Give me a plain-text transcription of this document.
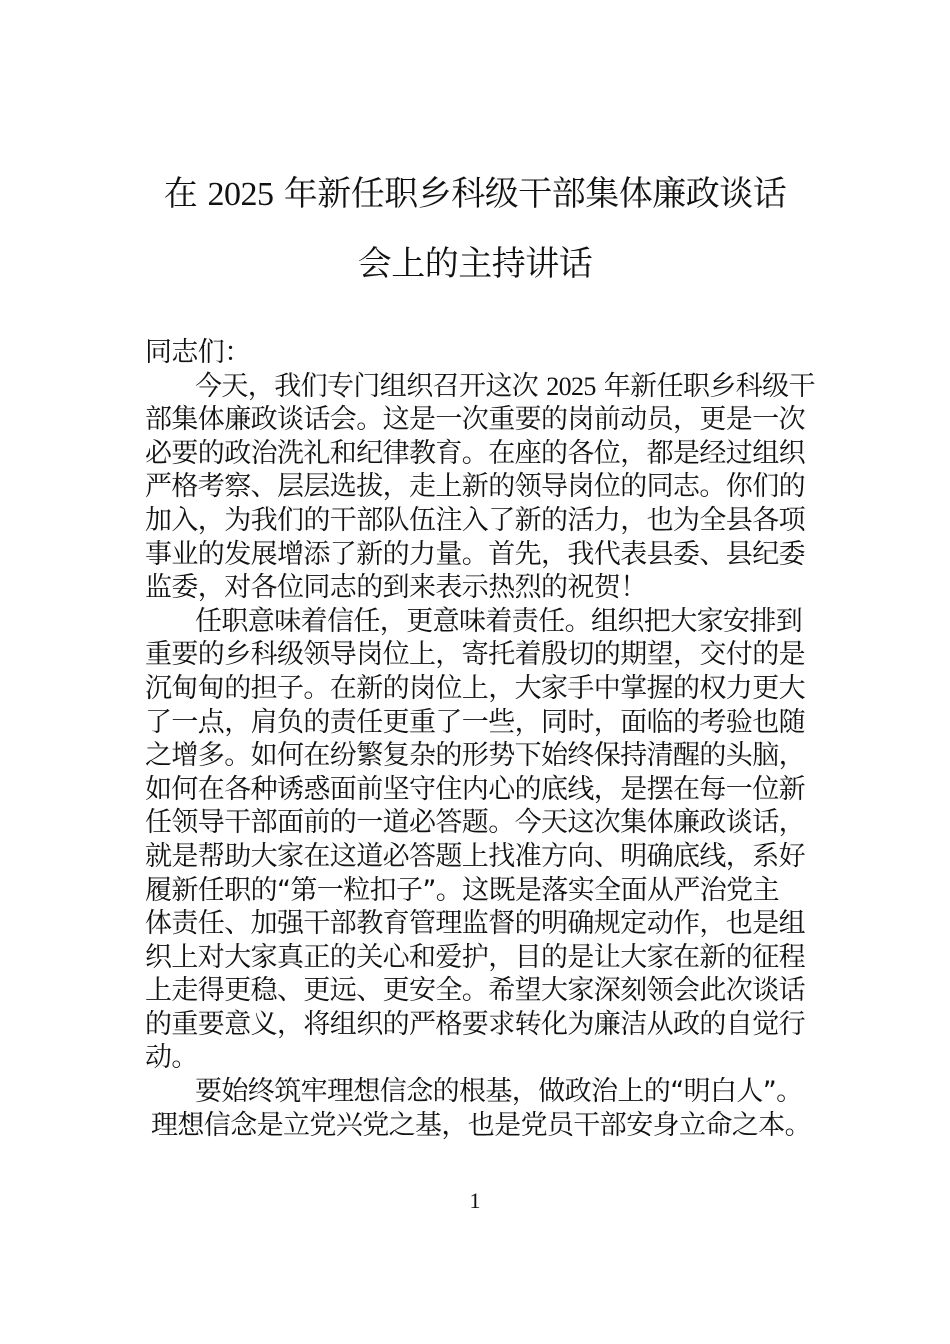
在 2025 年新任职乡科级干部集体廉政谈话
会上的主持讲话
同志们：
今天，我们专门组织召开这次 2025 年新任职乡科级干
部集体廉政谈话会。这是一次重要的岗前动员，更是一次
必要的政治洗礼和纪律教育。在座的各位，都是经过组织
严格考察、层层选拔，走上新的领导岗位的同志。你们的
加入，为我们的干部队伍注入了新的活力，也为全县各项
事业的发展增添了新的力量。首先，我代表县委、县纪委
监委，对各位同志的到来表示热烈的祝贺！
任职意味着信任，更意味着责任。组织把大家安排到
重要的乡科级领导岗位上，寄托着殷切的期望，交付的是
沉甸甸的担子。在新的岗位上，大家手中掌握的权力更大
了一点，肩负的责任更重了一些，同时，面临的考验也随
之增多。如何在纷繁复杂的形势下始终保持清醒的头脑，
如何在各种诱惑面前坚守住内心的底线，是摆在每一位新
任领导干部面前的一道必答题。今天这次集体廉政谈话，
就是帮助大家在这道必答题上找准方向、明确底线，系好
履新任职的“第一粒扣子”。这既是落实全面从严治党主
体责任、加强干部教育管理监督的明确规定动作，也是组
织上对大家真正的关心和爱护，目的是让大家在新的征程
上走得更稳、更远、更安全。希望大家深刻领会此次谈话
的重要意义，将组织的严格要求转化为廉洁从政的自觉行
动。
要始终筑牢理想信念的根基，做政治上的“明白人”。
理想信念是立党兴党之基，也是党员干部安身立命之本。
1
